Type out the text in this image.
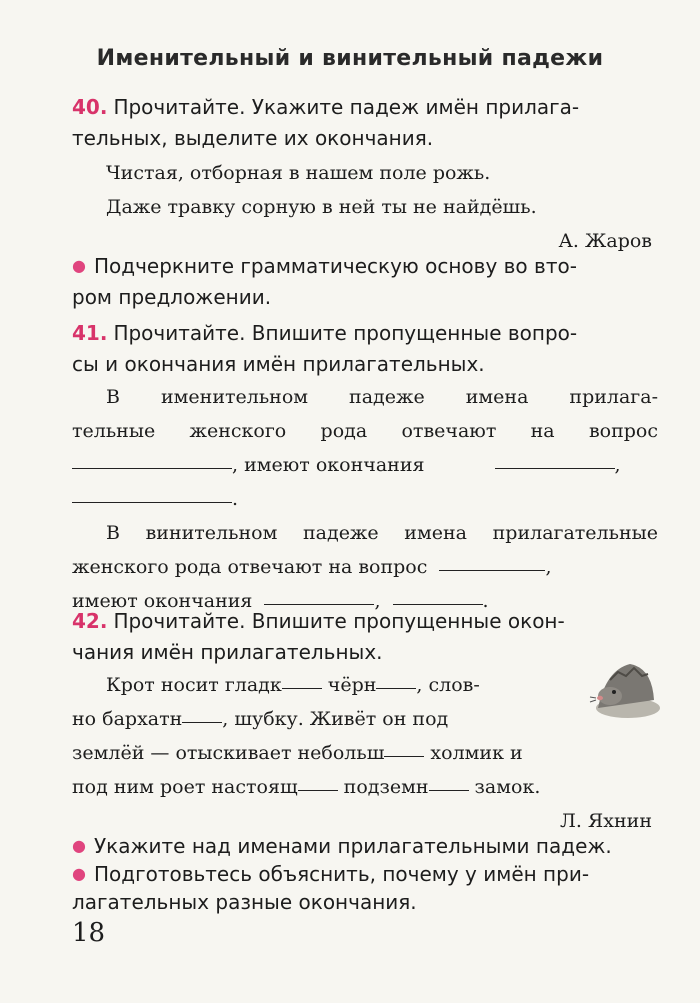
Именительный и винительный падежи
40. Прочитайте. Укажите падеж имён прилага-
тельных, выделите их окончания.
Чистая, отборная в нашем поле рожь.
Даже травку сорную в ней ты не найдёшь.
А. Жаров
● Подчеркните грамматическую основу во вто-
ром предложении.
41. Прочитайте. Впишите пропущенные вопро-
сы и окончания имён прилагательных.
В именительном падеже имена прилага-
тельные женского рода отвечают на вопрос
, имеют окончания	,
.
В винительном падеже имена прилагательные
женского рода отвечают на вопрос	,
имеют окончания	,	.
42. Прочитайте. Впишите пропущенные окон-
чания имён прилагательных.
Крот носит гладк чёрн , слов-
но бархатн , шубку. Живёт он под
землёй — отыскивает небольш холмик и
под ним роет настоящ подземн замок.
Л. Яхнин
● Укажите над именами прилагательными падеж.
● Подготовьтесь объяснить, почему у имён при-
лагательных разные окончания.
18
